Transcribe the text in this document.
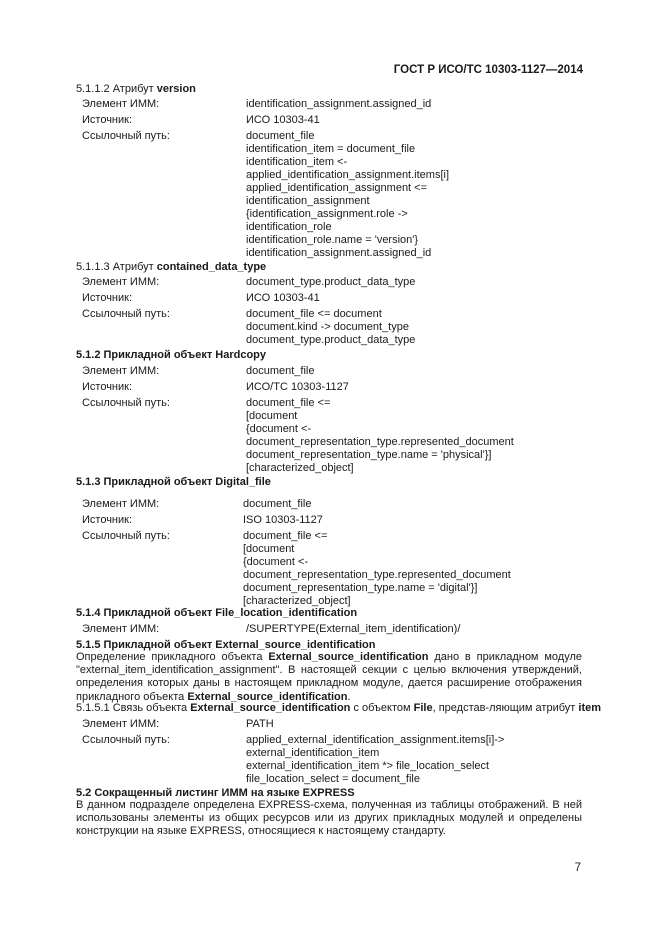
ГОСТ Р ИСО/ТС 10303-1127—2014
5.1.1.2 Атрибут version
Элемент ИММ:	identification_assignment.assigned_id
Источник:	ИСО 10303-41
Ссылочный путь:	document_file
identification_item = document_file
identification_item <-
applied_identification_assignment.items[i]
applied_identification_assignment <=
identification_assignment
{identification_assignment.role ->
identification_role
identification_role.name = 'version'}
identification_assignment.assigned_id
5.1.1.3 Атрибут contained_data_type
Элемент ИММ:	document_type.product_data_type
Источник:	ИСО 10303-41
Ссылочный путь:	document_file <= document
document.kind -> document_type
document_type.product_data_type
5.1.2 Прикладной объект Hardcopy
Элемент ИММ:	document_file
Источник:	ИСО/ТС 10303-1127
Ссылочный путь:	document_file <=
[document
{document <-
document_representation_type.represented_document
document_representation_type.name = 'physical'}]
[characterized_object]
5.1.3 Прикладной объект Digital_file
Элемент ИММ:	document_file
Источник:	ISO 10303-1127
Ссылочный путь:	document_file <=
[document
{document <-
document_representation_type.represented_document
document_representation_type.name = 'digital'}]
[characterized_object]
5.1.4 Прикладной объект File_location_identification
Элемент ИММ:	/SUPERTYPE(External_item_identification)/
5.1.5 Прикладной объект External_source_identification
Определение прикладного объекта External_source_identification дано в прикладном модуле "external_item_identification_assignment". В настоящей секции с целью включения утверждений, определения которых даны в настоящем прикладном модуле, дается расширение отображения прикладного объекта External_source_identification.
5.1.5.1 Связь объекта External_source_identification с объектом File, представ-ляющим атрибут item
Элемент ИММ:	PATH
Ссылочный путь:	applied_external_identification_assignment.items[i]->
external_identification_item
external_identification_item *> file_location_select
file_location_select = document_file
5.2 Сокращенный листинг ИММ на языке EXPRESS
В данном подразделе определена EXPRESS-схема, полученная из таблицы отображений. В ней использованы элементы из общих ресурсов или из других прикладных модулей и определены конструкции на языке EXPRESS, относящиеся к настоящему стандарту.
7
